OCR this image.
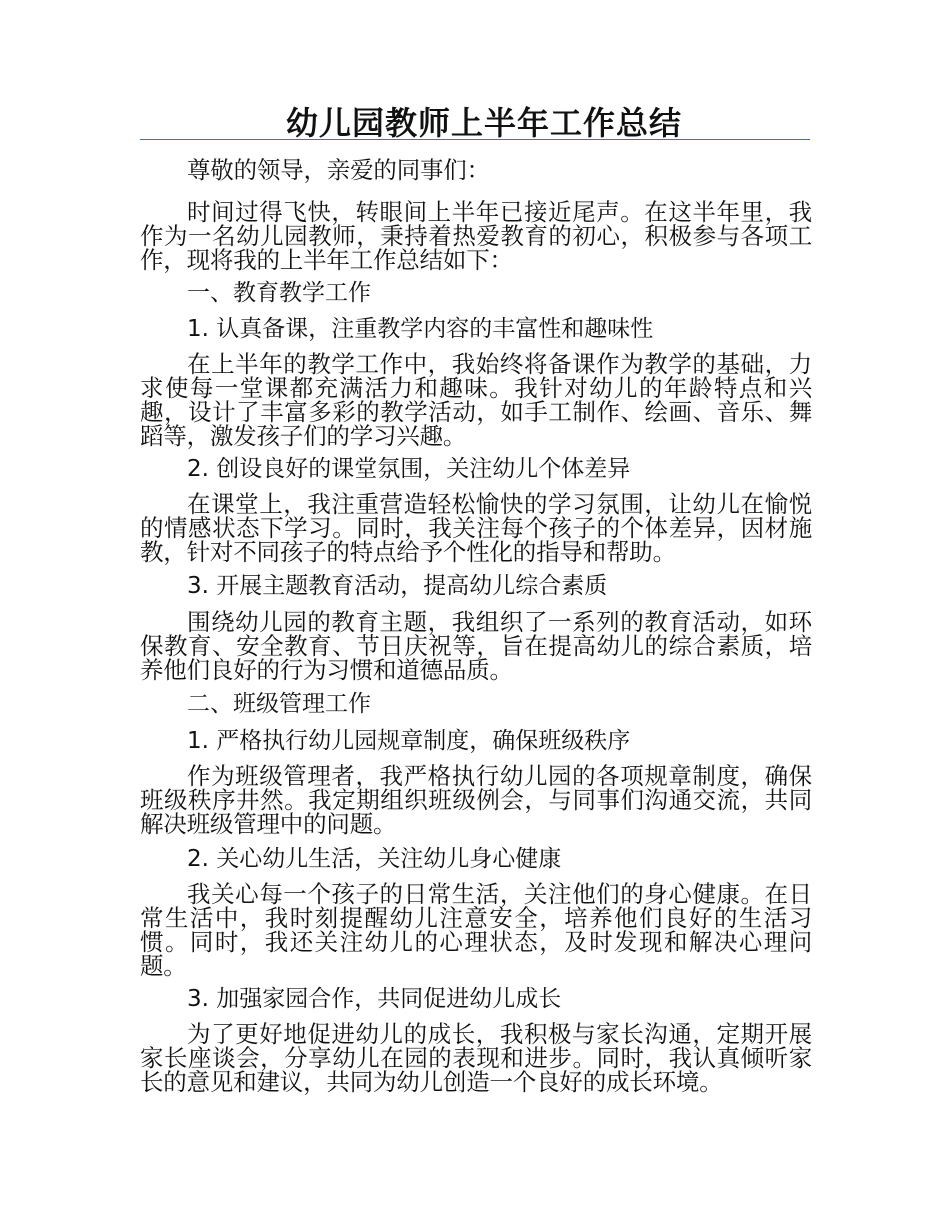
幼儿园教师上半年工作总结

尊敬的领导，亲爱的同事们：

时间过得飞快，转眼间上半年已接近尾声。在这半年里，我作为一名幼儿园教师，秉持着热爱教育的初心，积极参与各项工作，现将我的上半年工作总结如下：

一、教育教学工作

1. 认真备课，注重教学内容的丰富性和趣味性

在上半年的教学工作中，我始终将备课作为教学的基础，力求使每一堂课都充满活力和趣味。我针对幼儿的年龄特点和兴趣，设计了丰富多彩的教学活动，如手工制作、绘画、音乐、舞蹈等，激发孩子们的学习兴趣。

2. 创设良好的课堂氛围，关注幼儿个体差异

在课堂上，我注重营造轻松愉快的学习氛围，让幼儿在愉悦的情感状态下学习。同时，我关注每个孩子的个体差异，因材施教，针对不同孩子的特点给予个性化的指导和帮助。

3. 开展主题教育活动，提高幼儿综合素质

围绕幼儿园的教育主题，我组织了一系列的教育活动，如环保教育、安全教育、节日庆祝等，旨在提高幼儿的综合素质，培养他们良好的行为习惯和道德品质。

二、班级管理工作

1. 严格执行幼儿园规章制度，确保班级秩序

作为班级管理者，我严格执行幼儿园的各项规章制度，确保班级秩序井然。我定期组织班级例会，与同事们沟通交流，共同解决班级管理中的问题。

2. 关心幼儿生活，关注幼儿身心健康

我关心每一个孩子的日常生活，关注他们的身心健康。在日常生活中，我时刻提醒幼儿注意安全，培养他们良好的生活习惯。同时，我还关注幼儿的心理状态，及时发现和解决心理问题。

3. 加强家园合作，共同促进幼儿成长

为了更好地促进幼儿的成长，我积极与家长沟通，定期开展家长座谈会，分享幼儿在园的表现和进步。同时，我认真倾听家长的意见和建议，共同为幼儿创造一个良好的成长环境。
